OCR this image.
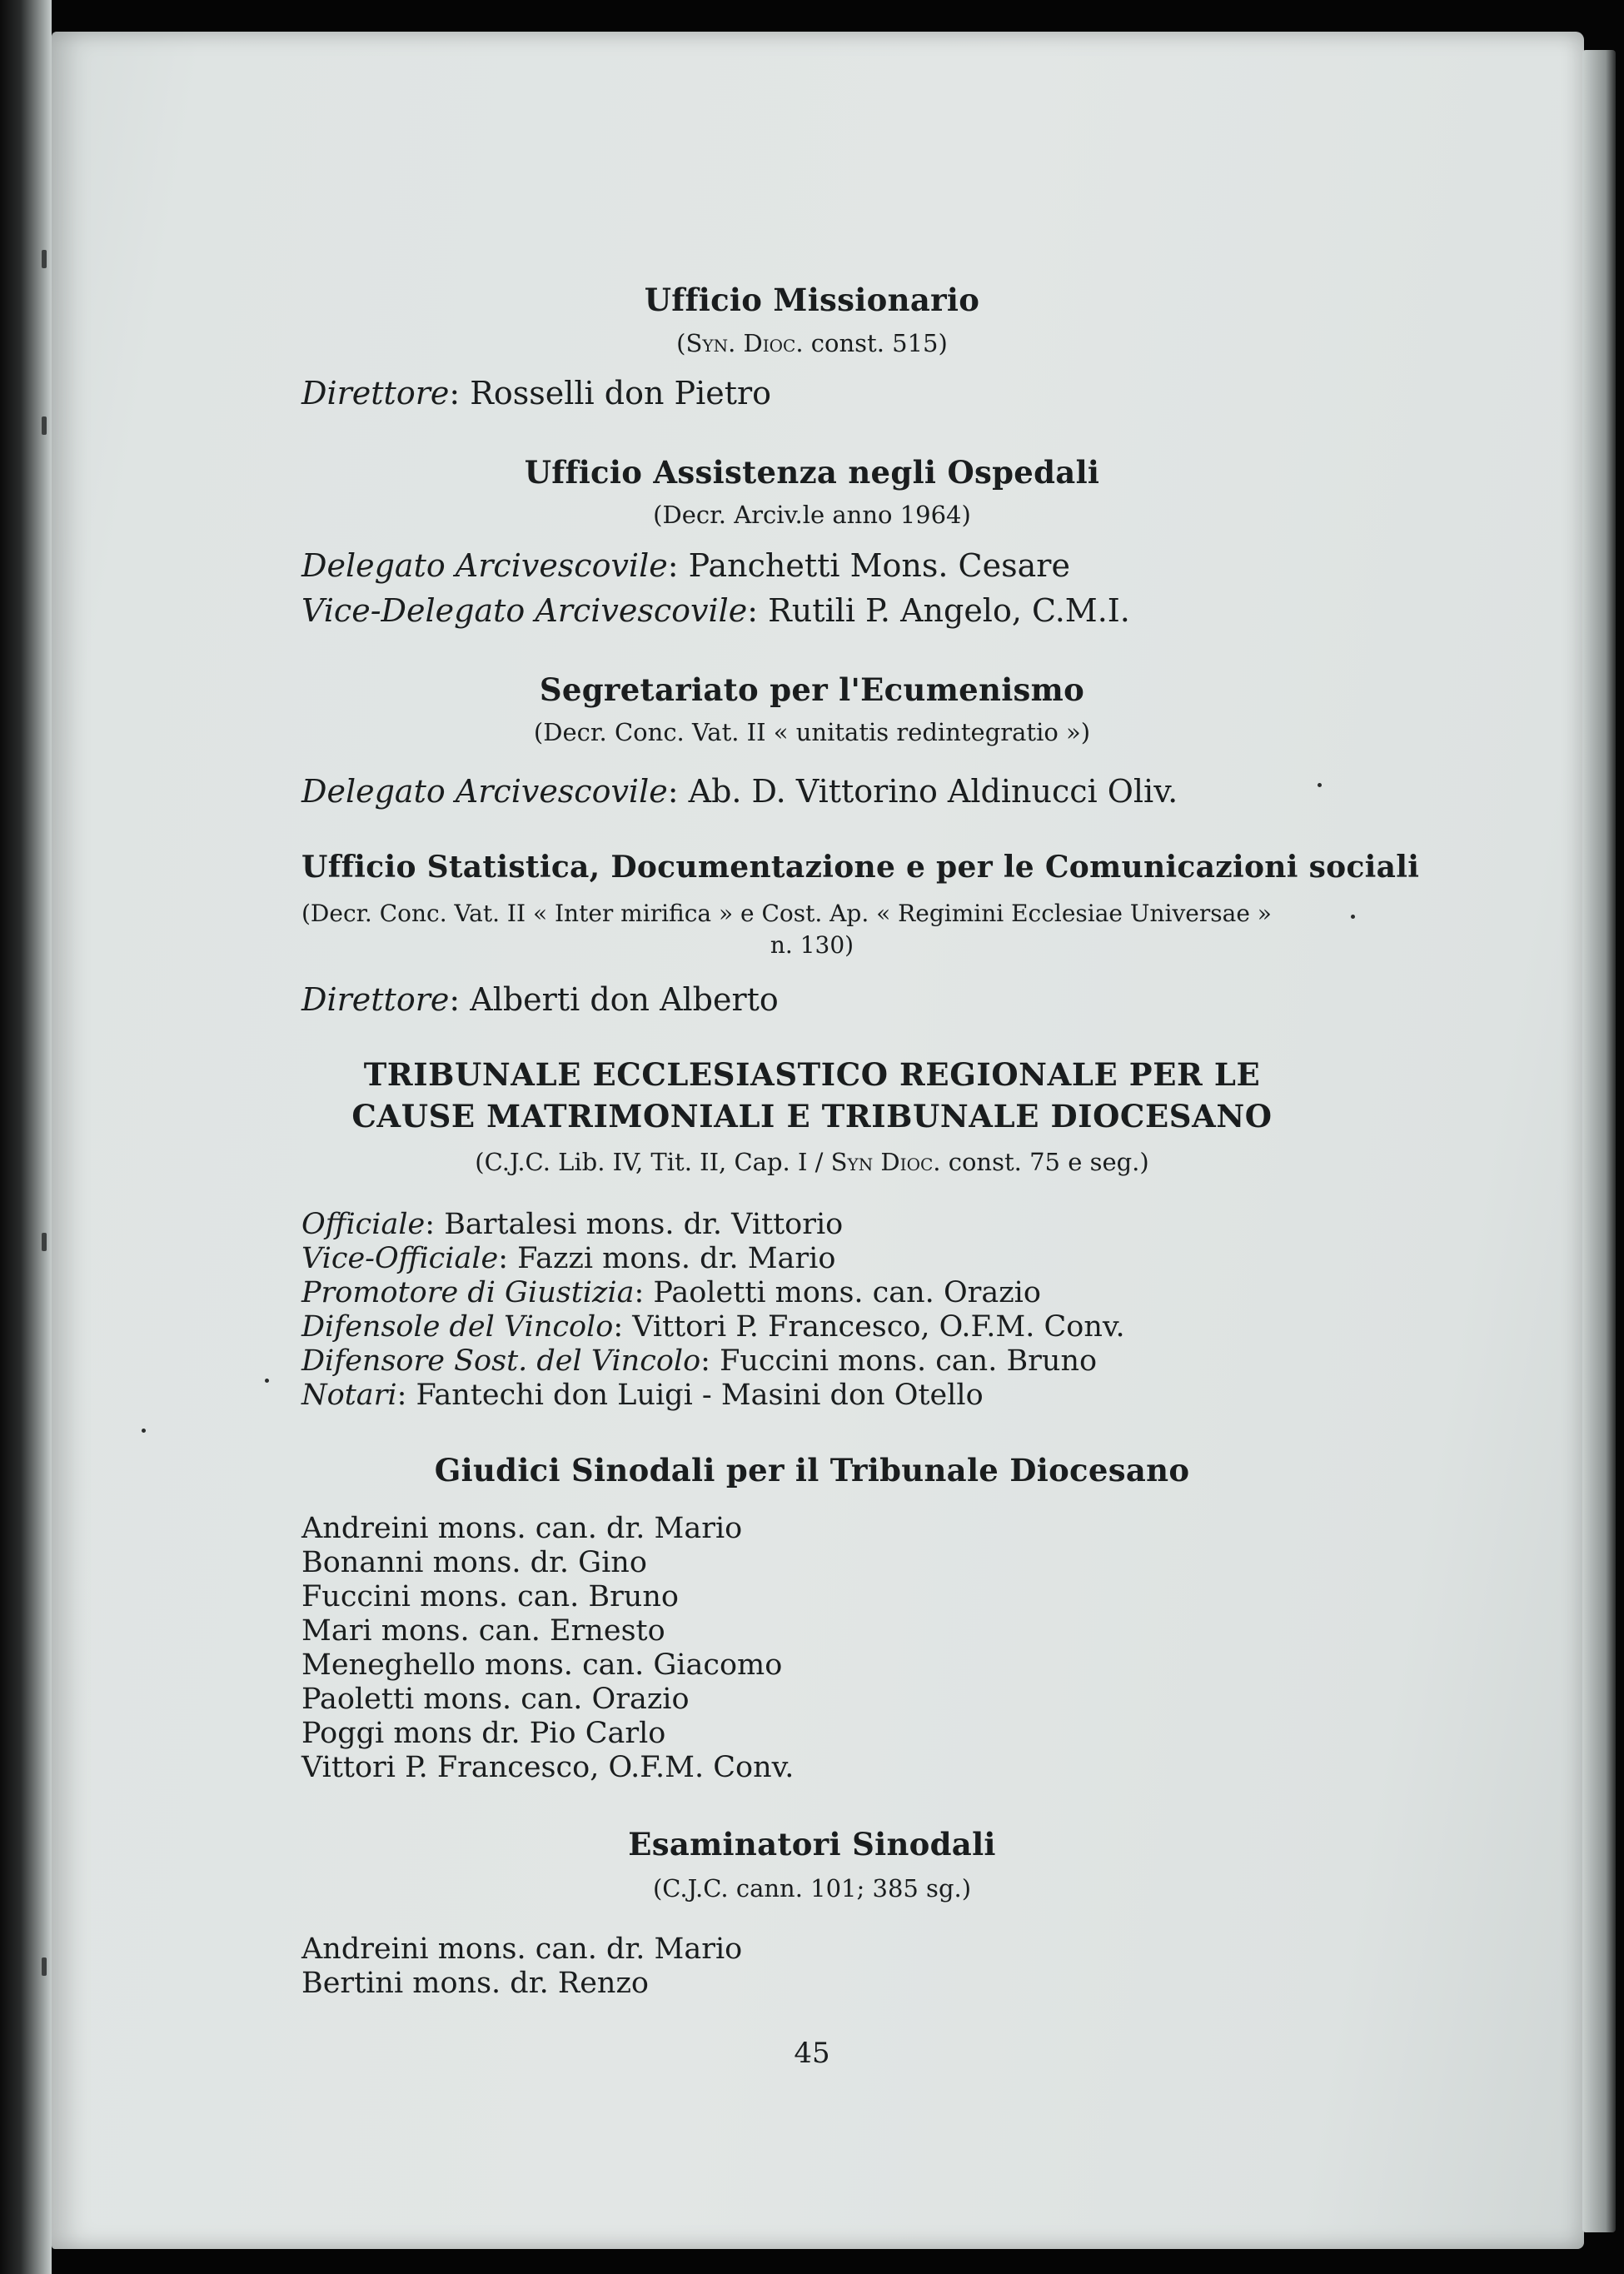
Ufficio Missionario
(Syn. Dioc. const. 515)
Direttore: Rosselli don Pietro
Ufficio Assistenza negli Ospedali
(Decr. Arciv.le anno 1964)
Delegato Arcivescovile: Panchetti Mons. Cesare
Vice-Delegato Arcivescovile: Rutili P. Angelo, C.M.I.
Segretariato per l'Ecumenismo
(Decr. Conc. Vat. II « unitatis redintegratio »)
Delegato Arcivescovile: Ab. D. Vittorino Aldinucci Oliv.
Ufficio Statistica, Documentazione e per le Comunicazioni sociali
(Decr. Conc. Vat. II « Inter mirifica » e Cost. Ap. « Regimini Ecclesiae Universae »
n. 130)
Direttore: Alberti don Alberto
TRIBUNALE ECCLESIASTICO REGIONALE PER LE
CAUSE MATRIMONIALI E TRIBUNALE DIOCESANO
(C.J.C. Lib. IV, Tit. II, Cap. I / Syn Dioc. const. 75 e seg.)
Officiale: Bartalesi mons. dr. Vittorio
Vice-Officiale: Fazzi mons. dr. Mario
Promotore di Giustizia: Paoletti mons. can. Orazio
Difensole del Vincolo: Vittori P. Francesco, O.F.M. Conv.
Difensore Sost. del Vincolo: Fuccini mons. can. Bruno
Notari: Fantechi don Luigi - Masini don Otello
Giudici Sinodali per il Tribunale Diocesano
Andreini mons. can. dr. Mario
Bonanni mons. dr. Gino
Fuccini mons. can. Bruno
Mari mons. can. Ernesto
Meneghello mons. can. Giacomo
Paoletti mons. can. Orazio
Poggi mons dr. Pio Carlo
Vittori P. Francesco, O.F.M. Conv.
Esaminatori Sinodali
(C.J.C. cann. 101; 385 sg.)
Andreini mons. can. dr. Mario
Bertini mons. dr. Renzo
45
